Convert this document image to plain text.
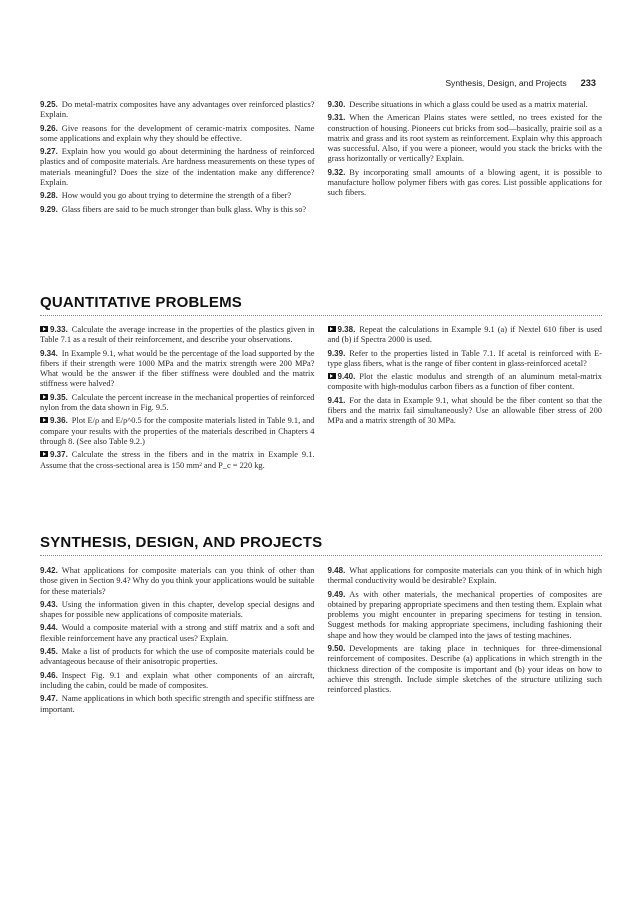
Synthesis, Design, and Projects 233

9.25. Do metal-matrix composites have any advantages over reinforced plastics? Explain.

9.26. Give reasons for the development of ceramic-matrix composites. Name some applications and explain why they should be effective.

9.27. Explain how you would go about determining the hardness of reinforced plastics and of composite materials. Are hardness measurements on these types of materials meaningful? Does the size of the indentation make any difference? Explain.

9.28. How would you go about trying to determine the strength of a fiber?

9.29. Glass fibers are said to be much stronger than bulk glass. Why is this so?

9.30. Describe situations in which a glass could be used as a matrix material.

9.31. When the American Plains states were settled, no trees existed for the construction of housing. Pioneers cut bricks from sod—basically, prairie soil as a matrix and grass and its root system as reinforcement. Explain why this approach was successful. Also, if you were a pioneer, would you stack the bricks with the grass horizontally or vertically? Explain.

9.32. By incorporating small amounts of a blowing agent, it is possible to manufacture hollow polymer fibers with gas cores. List possible applications for such fibers.

QUANTITATIVE PROBLEMS

9.33. Calculate the average increase in the properties of the plastics given in Table 7.1 as a result of their reinforcement, and describe your observations.

9.34. In Example 9.1, what would be the percentage of the load supported by the fibers if their strength were 1000 MPa and the matrix strength were 200 MPa? What would be the answer if the fiber stiffness were doubled and the matrix stiffness were halved?

9.35. Calculate the percent increase in the mechanical properties of reinforced nylon from the data shown in Fig. 9.5.

9.36. Plot E/ρ and E/ρ^0.5 for the composite materials listed in Table 9.1, and compare your results with the properties of the materials described in Chapters 4 through 8. (See also Table 9.2.)

9.37. Calculate the stress in the fibers and in the matrix in Example 9.1. Assume that the cross-sectional area is 150 mm² and P_c = 220 kg.

9.38. Repeat the calculations in Example 9.1 (a) if Nextel 610 fiber is used and (b) if Spectra 2000 is used.

9.39. Refer to the properties listed in Table 7.1. If acetal is reinforced with E-type glass fibers, what is the range of fiber content in glass-reinforced acetal?

9.40. Plot the elastic modulus and strength of an aluminum metal-matrix composite with high-modulus carbon fibers as a function of fiber content.

9.41. For the data in Example 9.1, what should be the fiber content so that the fibers and the matrix fail simultaneously? Use an allowable fiber stress of 200 MPa and a matrix strength of 30 MPa.

SYNTHESIS, DESIGN, AND PROJECTS

9.42. What applications for composite materials can you think of other than those given in Section 9.4? Why do you think your applications would be suitable for these materials?

9.43. Using the information given in this chapter, develop special designs and shapes for possible new applications of composite materials.

9.44. Would a composite material with a strong and stiff matrix and a soft and flexible reinforcement have any practical uses? Explain.

9.45. Make a list of products for which the use of composite materials could be advantageous because of their anisotropic properties.

9.46. Inspect Fig. 9.1 and explain what other components of an aircraft, including the cabin, could be made of composites.

9.47. Name applications in which both specific strength and specific stiffness are important.

9.48. What applications for composite materials can you think of in which high thermal conductivity would be desirable? Explain.

9.49. As with other materials, the mechanical properties of composites are obtained by preparing appropriate specimens and then testing them. Explain what problems you might encounter in preparing specimens for testing in tension. Suggest methods for making appropriate specimens, including fashioning their shape and how they would be clamped into the jaws of testing machines.

9.50. Developments are taking place in techniques for three-dimensional reinforcement of composites. Describe (a) applications in which strength in the thickness direction of the composite is important and (b) your ideas on how to achieve this strength. Include simple sketches of the structure utilizing such reinforced plastics.
